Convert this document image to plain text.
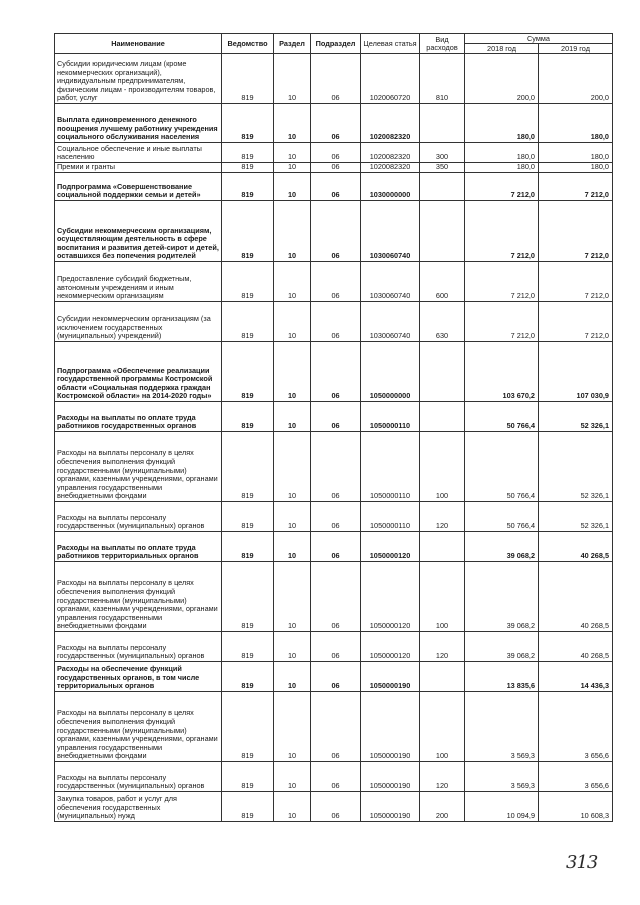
Наименование	Ведомство	Раздел	Подраздел	Целевая статья	Вид расходов	Сумма	
						2018 год	2019 год
Субсидии юридическим лицам (кроме некоммерческих организаций), индивидуальным предпринимателям, физическим лицам - производителям товаров, работ, услуг	819	10	06	1020060720	810	200,0	200,0
Выплата единовременного денежного поощрения лучшему работнику учреждения социального обслуживания населения	819	10	06	1020082320		180,0	180,0
Социальное обеспечение и иные выплаты населению	819	10	06	1020082320	300	180,0	180,0
Премии и гранты	819	10	06	1020082320	350	180,0	180,0
Подпрограмма «Совершенствование социальной поддержки семьи и детей»	819	10	06	1030000000		7 212,0	7 212,0
Субсидии некоммерческим организациям, осуществляющим деятельность в сфере воспитания и развития детей-сирот и детей, оставшихся без попечения родителей	819	10	06	1030060740		7 212,0	7 212,0
Предоставление субсидий бюджетным, автономным учреждениям и иным некоммерческим организациям	819	10	06	1030060740	600	7 212,0	7 212,0
Субсидии некоммерческим организациям (за исключением государственных (муниципальных) учреждений)	819	10	06	1030060740	630	7 212,0	7 212,0
Подпрограмма «Обеспечение реализации государственной программы Костромской области «Социальная поддержка граждан Костромской области» на 2014-2020 годы»	819	10	06	1050000000		103 670,2	107 030,9
Расходы на выплаты по оплате труда работников государственных органов	819	10	06	1050000110		50 766,4	52 326,1
Расходы на выплаты персоналу в целях обеспечения выполнения функций государственными (муниципальными) органами, казенными учреждениями, органами управления государственными внебюджетными фондами	819	10	06	1050000110	100	50 766,4	52 326,1
Расходы на выплаты персоналу государственных (муниципальных) органов	819	10	06	1050000110	120	50 766,4	52 326,1
Расходы на выплаты по оплате труда работников территориальных органов	819	10	06	1050000120		39 068,2	40 268,5
Расходы на выплаты персоналу в целях обеспечения выполнения функций государственными (муниципальными) органами, казенными учреждениями, органами управления государственными внебюджетными фондами	819	10	06	1050000120	100	39 068,2	40 268,5
Расходы на выплаты персоналу государственных (муниципальных) органов	819	10	06	1050000120	120	39 068,2	40 268,5
Расходы на обеспечение функций государственных органов, в том числе территориальных органов	819	10	06	1050000190		13 835,6	14 436,3
Расходы на выплаты персоналу в целях обеспечения выполнения функций государственными (муниципальными) органами, казенными учреждениями, органами управления государственными внебюджетными фондами	819	10	06	1050000190	100	3 569,3	3 656,6
Расходы на выплаты персоналу государственных (муниципальных) органов	819	10	06	1050000190	120	3 569,3	3 656,6
Закупка товаров, работ и услуг для обеспечения государственных (муниципальных) нужд	819	10	06	1050000190	200	10 094,9	10 608,3
313
